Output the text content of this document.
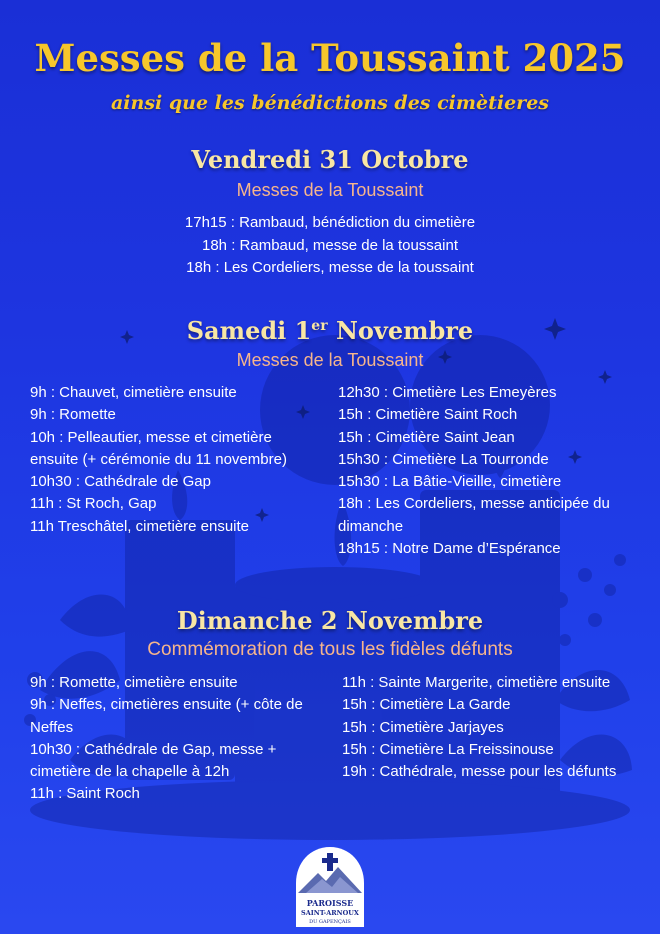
Messes de la Toussaint 2025
ainsi que les bénédictions des cimètieres
Vendredi 31 Octobre
Messes de la Toussaint
17h15 : Rambaud, bénédiction du cimetière
18h : Rambaud, messe de la toussaint
18h : Les Cordeliers, messe de la toussaint
Samedi 1er Novembre
Messes de la Toussaint
9h : Chauvet, cimetière ensuite
9h : Romette
10h : Pelleautier, messe et cimetière ensuite (+ cérémonie du 11 novembre)
10h30 : Cathédrale de Gap
11h : St Roch, Gap
11h Treschâtel, cimetière ensuite
12h30 : Cimetière Les Emeyères
15h : Cimetière Saint Roch
15h : Cimetière Saint Jean
15h30 : Cimetière La Tourronde
15h30 : La Bâtie-Vieille, cimetière
18h : Les Cordeliers, messe anticipée du dimanche
18h15 : Notre Dame d’Espérance
Dimanche 2 Novembre
Commémoration de tous les fidèles défunts
9h : Romette, cimetière ensuite
9h : Neffes, cimetières ensuite (+ côte de Neffes
10h30 : Cathédrale de Gap, messe + cimetière de la chapelle à 12h
11h : Saint Roch
11h : Sainte Margerite, cimetière ensuite
15h : Cimetière La Garde
15h : Cimetière Jarjayes
15h : Cimetière La Freissinouse
19h : Cathédrale, messe pour les défunts
PAROISSE
SAINT-ARNOUX
DU GAPENÇAIS
